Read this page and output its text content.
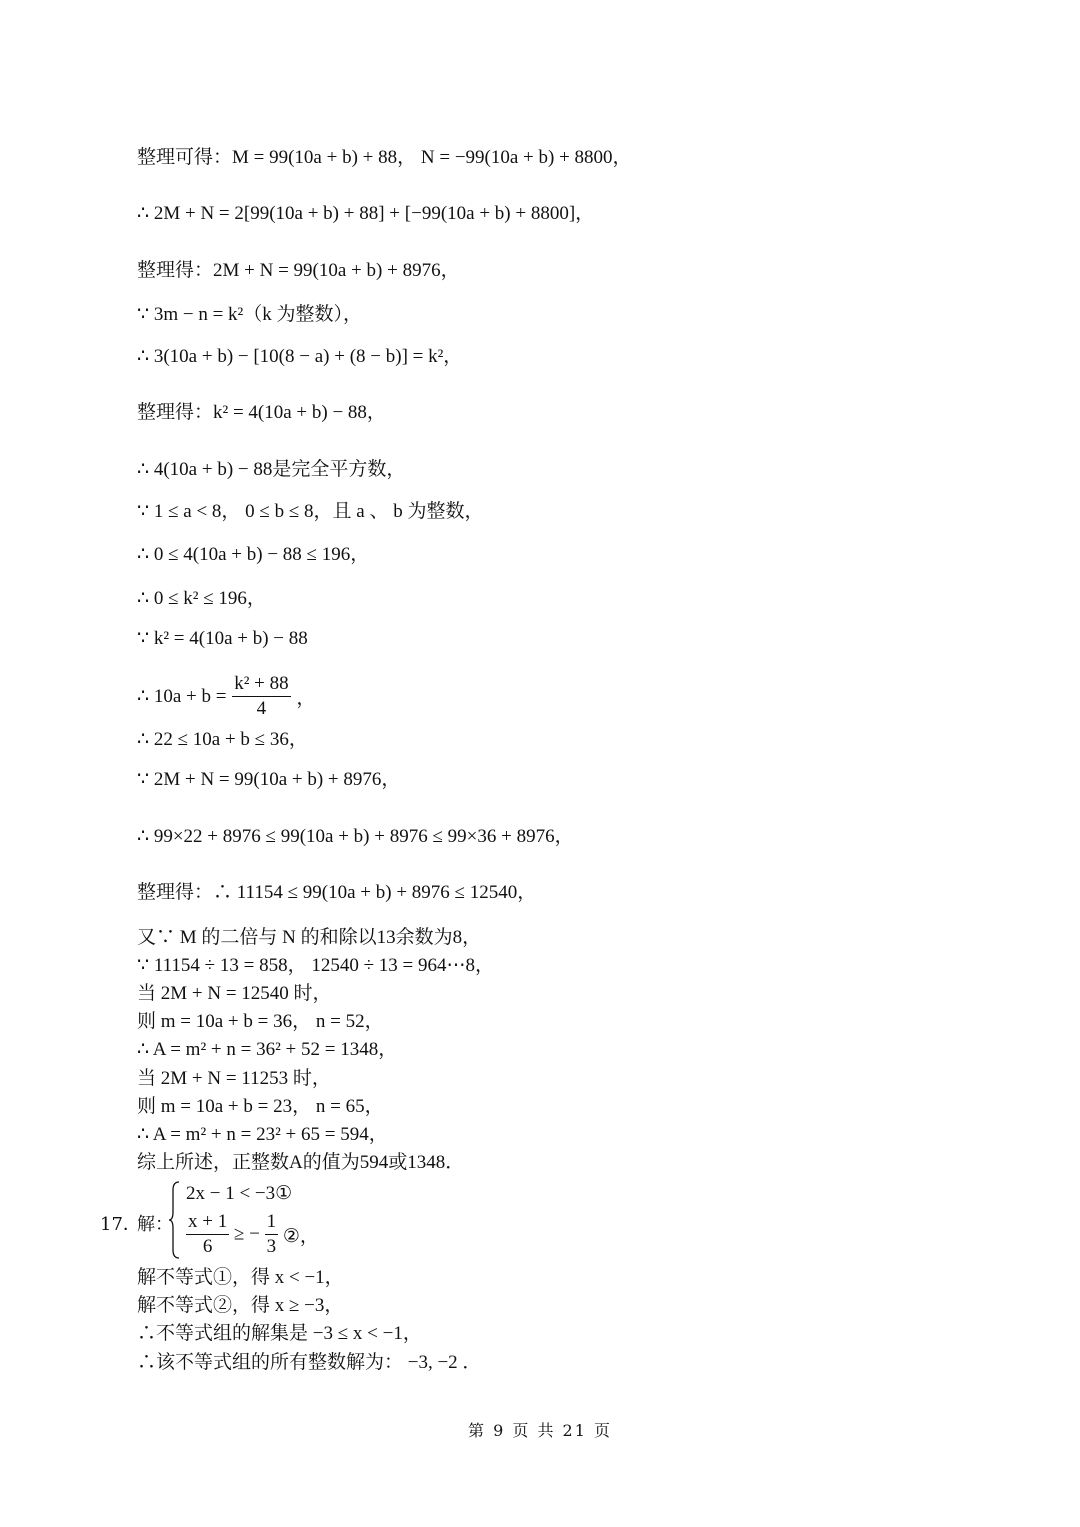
整理可得：M = 99(10a + b) + 88， N = −99(10a + b) + 8800，
∴ 2M + N = 2[99(10a + b) + 88] + [−99(10a + b) + 8800]，
整理得：2M + N = 99(10a + b) + 8976，
∵ 3m − n = k²（k 为整数），
∴ 3(10a + b) − [10(8 − a) + (8 − b)] = k²，
整理得：k² = 4(10a + b) − 88，
∴ 4(10a + b) − 88是完全平方数，
∵ 1 ≤ a < 8， 0 ≤ b ≤ 8，且 a 、 b 为整数，
∴ 0 ≤ 4(10a + b) − 88 ≤ 196，
∴ 0 ≤ k² ≤ 196，
∵ k² = 4(10a + b) − 88
∴ $10a + b = \frac{\text{k² + 88}}{4}$ ，
∴ 22 ≤ 10a + b ≤ 36，
∵ 2M + N = 99(10a + b) + 8976，
∴ 99×22 + 8976 ≤ 99(10a + b) + 8976 ≤ 99×36 + 8976，
整理得：∴ 11154 ≤ 99(10a + b) + 8976 ≤ 12540，
又∵ M 的二倍与 N 的和除以13余数为8，
∵ 11154 ÷ 13 = 858， 12540 ÷ 13 = 964⋯8，
当 2M + N = 12540 时，
则 m = 10a + b = 36， n = 52，
∴ A = m² + n = 36² + 52 = 1348，
当 2M + N = 11253 时，
则 m = 10a + b = 23， n = 65，
∴ A = m² + n = 23² + 65 = 594，
综上所述，正整数A的值为594或1348．
17．
解：
2x − 1 < −3①
$\frac{x + 1}{6}$ ≥ − $\frac{1}{3}$ ②，
解不等式①，得 x < −1，
解不等式②，得 x ≥ −3，
∴不等式组的解集是 −3 ≤ x < −1，
∴该不等式组的所有整数解为： −3, −2 ．
第 9 页 共 21 页
